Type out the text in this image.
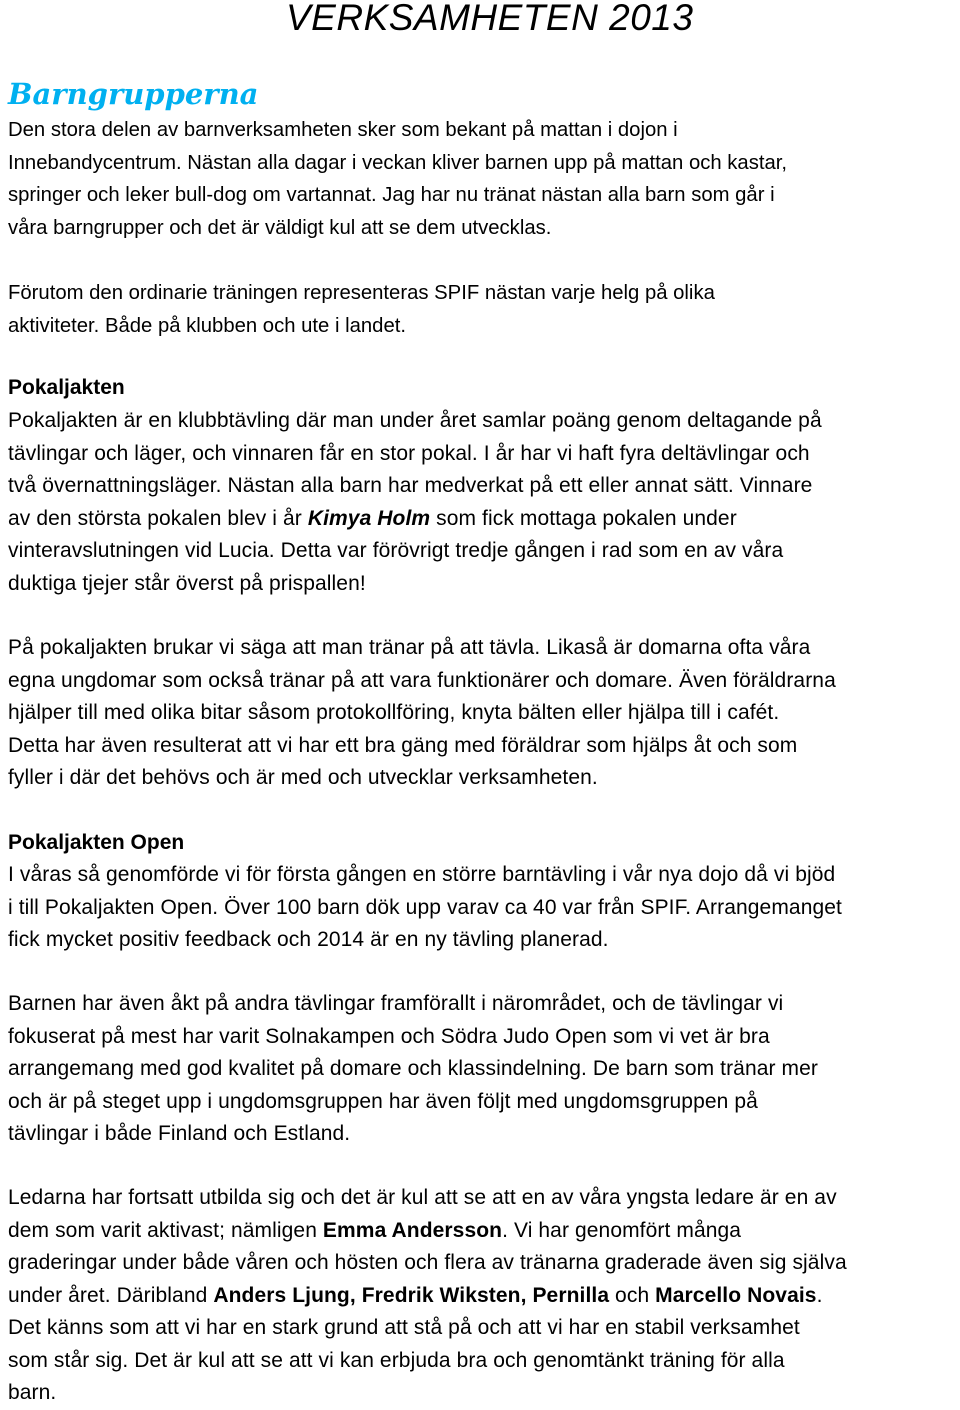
VERKSAMHETEN 2013
Barngrupperna

Den stora delen av barnverksamheten sker som bekant på mattan i dojon i
Innebandycentrum. Nästan alla dagar i veckan kliver barnen upp på mattan och kastar,
springer och leker bull-dog om vartannat. Jag har nu tränat nästan alla barn som går i
våra barngrupper och det är väldigt kul att se dem utvecklas.

Förutom den ordinarie träningen representeras SPIF nästan varje helg på olika
aktiviteter. Både på klubben och ute i landet.

Pokaljakten

Pokaljakten är en klubbtävling där man under året samlar poäng genom deltagande på
tävlingar och läger, och vinnaren får en stor pokal. I år har vi haft fyra deltävlingar och
två övernattningsläger. Nästan alla barn har medverkat på ett eller annat sätt. Vinnare
av den största pokalen blev i år Kimya Holm som fick mottaga pokalen under
vinteravslutningen vid Lucia. Detta var förövrigt tredje gången i rad som en av våra
duktiga tjejer står överst på prispallen!

På pokaljakten brukar vi säga att man tränar på att tävla. Likaså är domarna ofta våra
egna ungdomar som också tränar på att vara funktionärer och domare. Även föräldrarna
hjälper till med olika bitar såsom protokollföring, knyta bälten eller hjälpa till i cafét.
Detta har även resulterat att vi har ett bra gäng med föräldrar som hjälps åt och som
fyller i där det behövs och är med och utvecklar verksamheten.

Pokaljakten Open

I våras så genomförde vi för första gången en större barntävling i vår nya dojo då vi bjöd
i till Pokaljakten Open. Över 100 barn dök upp varav ca 40 var från SPIF. Arrangemanget
fick mycket positiv feedback och 2014 är en ny tävling planerad.

Barnen har även åkt på andra tävlingar framförallt i närområdet, och de tävlingar vi
fokuserat på mest har varit Solnakampen och Södra Judo Open som vi vet är bra
arrangemang med god kvalitet på domare och klassindelning. De barn som tränar mer
och är på steget upp i ungdomsgruppen har även följt med ungdomsgruppen på
tävlingar i både Finland och Estland.

Ledarna har fortsatt utbilda sig och det är kul att se att en av våra yngsta ledare är en av
dem som varit aktivast; nämligen Emma Andersson. Vi har genomfört många
graderingar under både våren och hösten och flera av tränarna graderade även sig själva
under året. Däribland Anders Ljung, Fredrik Wiksten, Pernilla och Marcello Novais.
Det känns som att vi har en stark grund att stå på och att vi har en stabil verksamhet
som står sig. Det är kul att se att vi kan erbjuda bra och genomtänkt träning för alla
barn.
